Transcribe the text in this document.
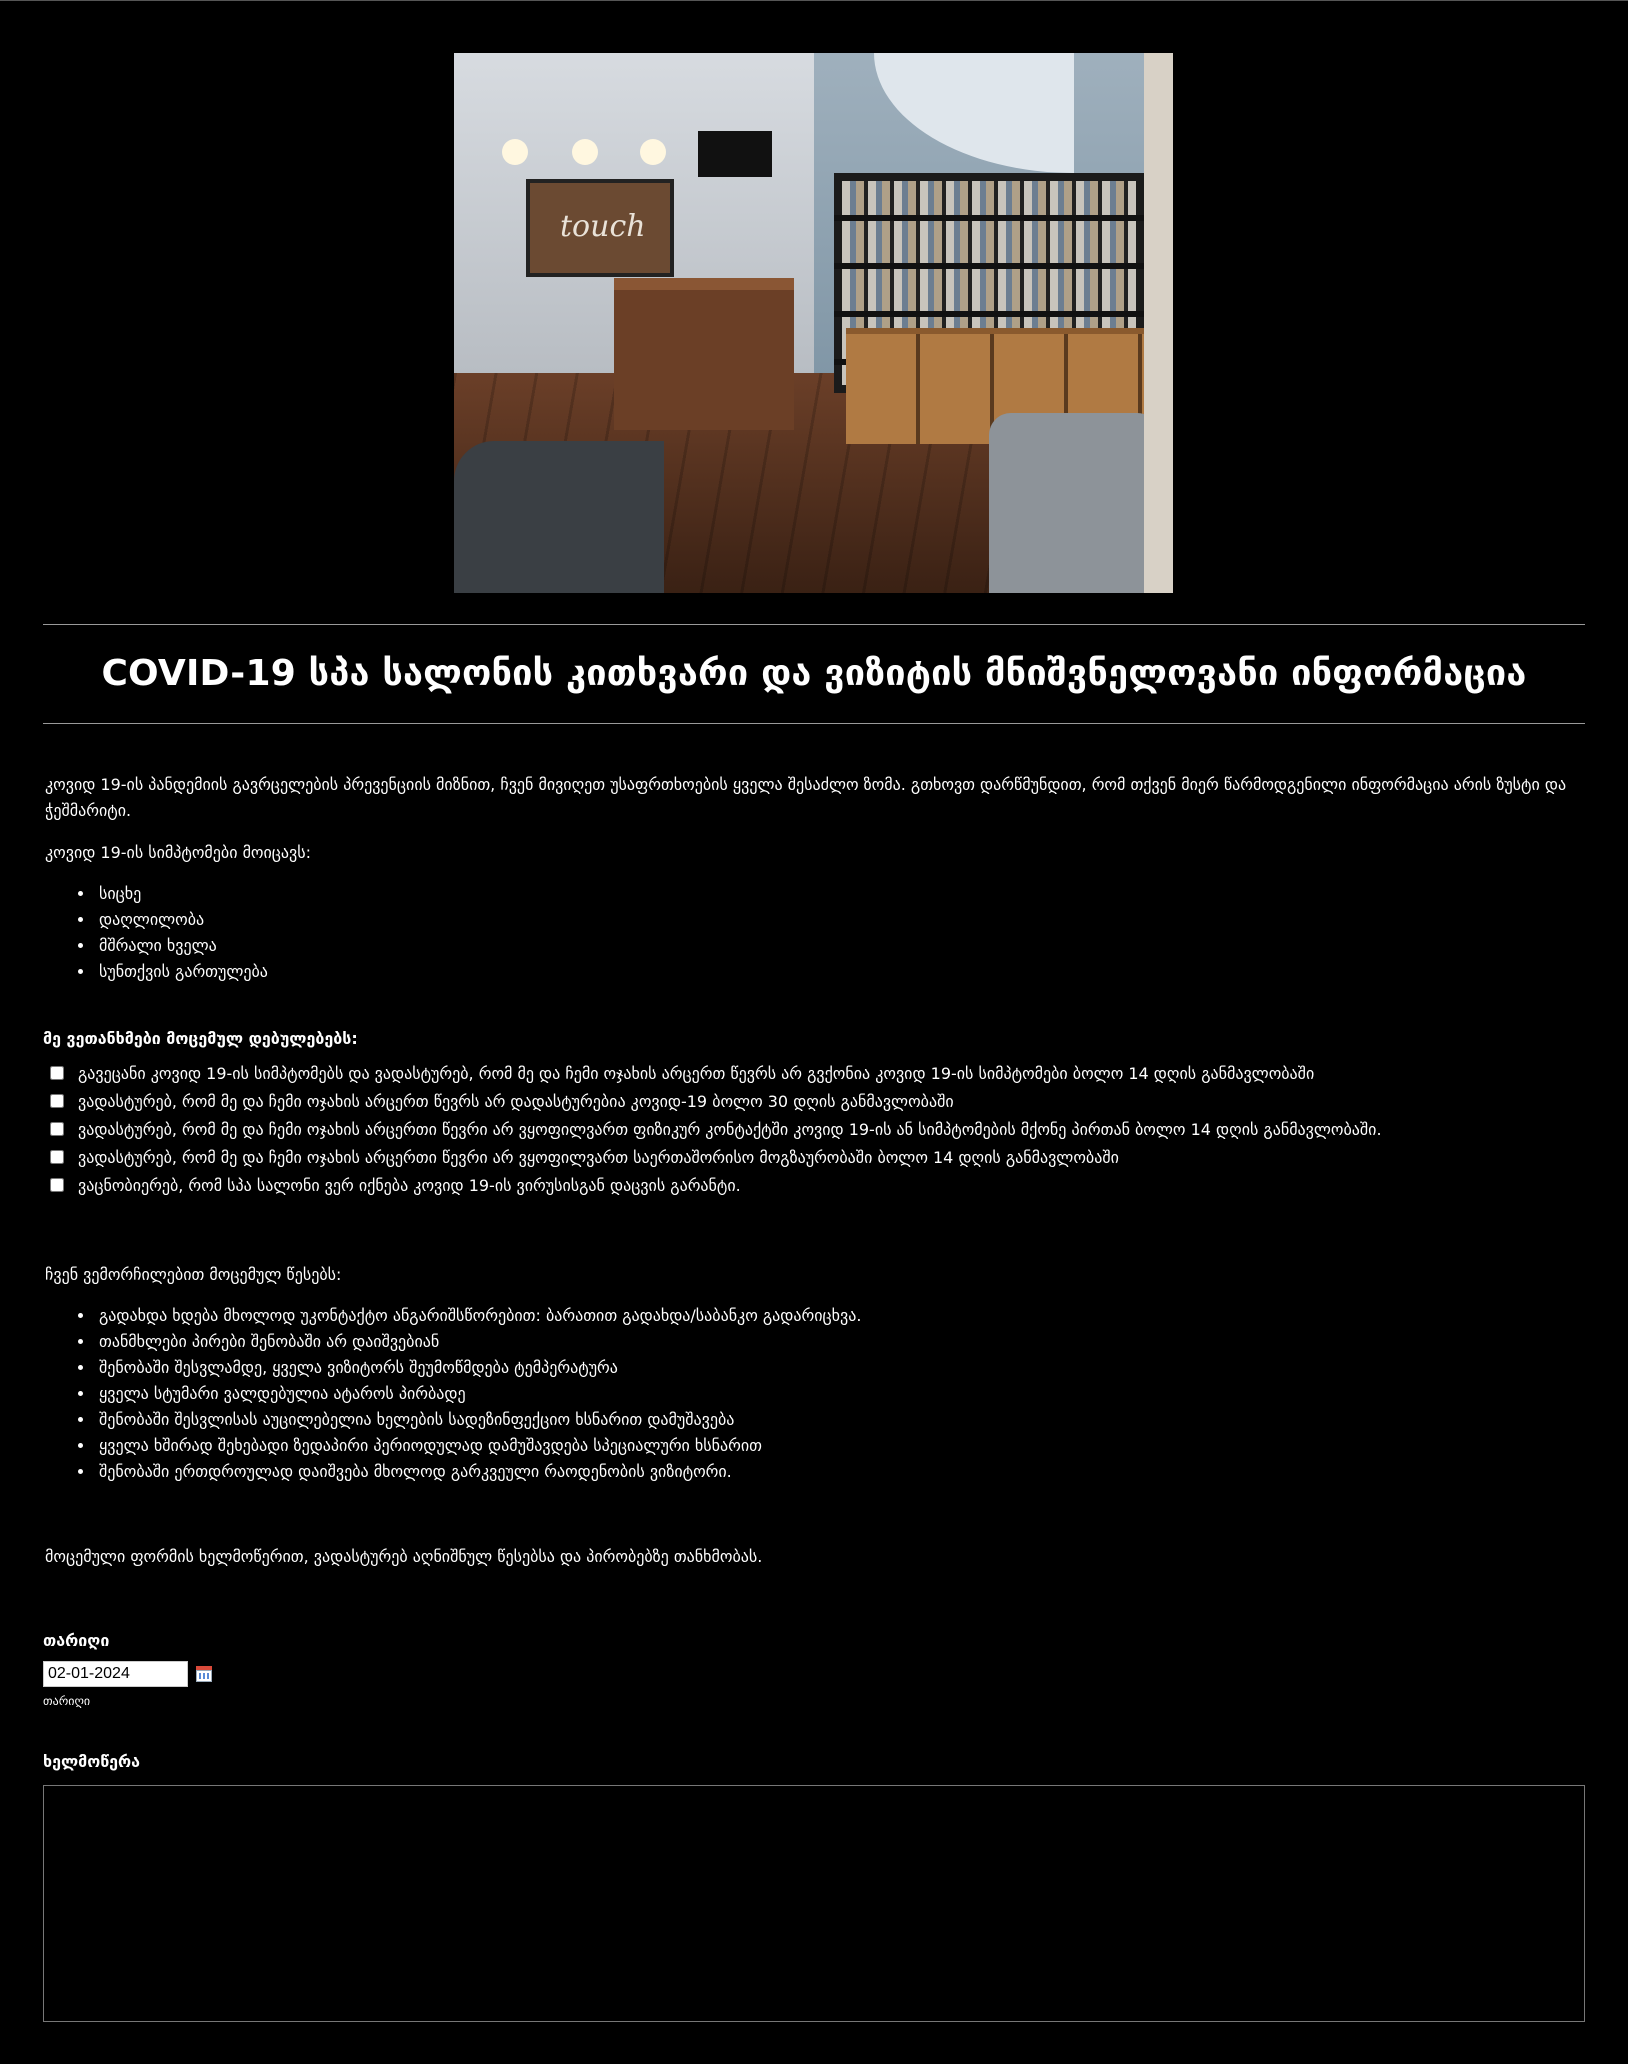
touch
COVID-19 სპა სალონის კითხვარი და ვიზიტის მნიშვნელოვანი ინფორმაცია

კოვიდ 19-ის პანდემიის გავრცელების პრევენციის მიზნით, ჩვენ მივიღეთ უსაფრთხოების ყველა შესაძლო ზომა. გთხოვთ დარწმუნდით, რომ თქვენ მიერ წარმოდგენილი ინფორმაცია არის ზუსტი და ჭეშმარიტი.

კოვიდ 19-ის სიმპტომები მოიცავს:

• სიცხე
• დაღლილობა
• მშრალი ხველა
• სუნთქვის გართულება

მე ვეთანხმები მოცემულ დებულებებს:

გავეცანი კოვიდ 19-ის სიმპტომებს და ვადასტურებ, რომ მე და ჩემი ოჯახის არცერთ წევრს არ გვქონია კოვიდ 19-ის სიმპტომები ბოლო 14 დღის განმავლობაში
ვადასტურებ, რომ მე და ჩემი ოჯახის არცერთ წევრს არ დადასტურებია კოვიდ-19 ბოლო 30 დღის განმავლობაში
ვადასტურებ, რომ მე და ჩემი ოჯახის არცერთი წევრი არ ვყოფილვართ ფიზიკურ კონტაქტში კოვიდ 19-ის ან სიმპტომების მქონე პირთან ბოლო 14 დღის განმავლობაში.
ვადასტურებ, რომ მე და ჩემი ოჯახის არცერთი წევრი არ ვყოფილვართ საერთაშორისო მოგზაურობაში ბოლო 14 დღის განმავლობაში
ვაცნობიერებ, რომ სპა სალონი ვერ იქნება კოვიდ 19-ის ვირუსისგან დაცვის გარანტი.

ჩვენ ვემორჩილებით მოცემულ წესებს:

• გადახდა ხდება მხოლოდ უკონტაქტო ანგარიშსწორებით: ბარათით გადახდა/საბანკო გადარიცხვა.
• თანმხლები პირები შენობაში არ დაიშვებიან
• შენობაში შესვლამდე, ყველა ვიზიტორს შეუმოწმდება ტემპერატურა
• ყველა სტუმარი ვალდებულია ატაროს პირბადე
• შენობაში შესვლისას აუცილებელია ხელების სადეზინფექციო ხსნარით დამუშავება
• ყველა ხშირად შეხებადი ზედაპირი პერიოდულად დამუშავდება სპეციალური ხსნარით
• შენობაში ერთდროულად დაიშვება მხოლოდ გარკვეული რაოდენობის ვიზიტორი.

მოცემული ფორმის ხელმოწერით, ვადასტურებ აღნიშნულ წესებსა და პირობებზე თანხმობას.

თარიღი

02-01-2024
თარიღი

ხელმოწერა
